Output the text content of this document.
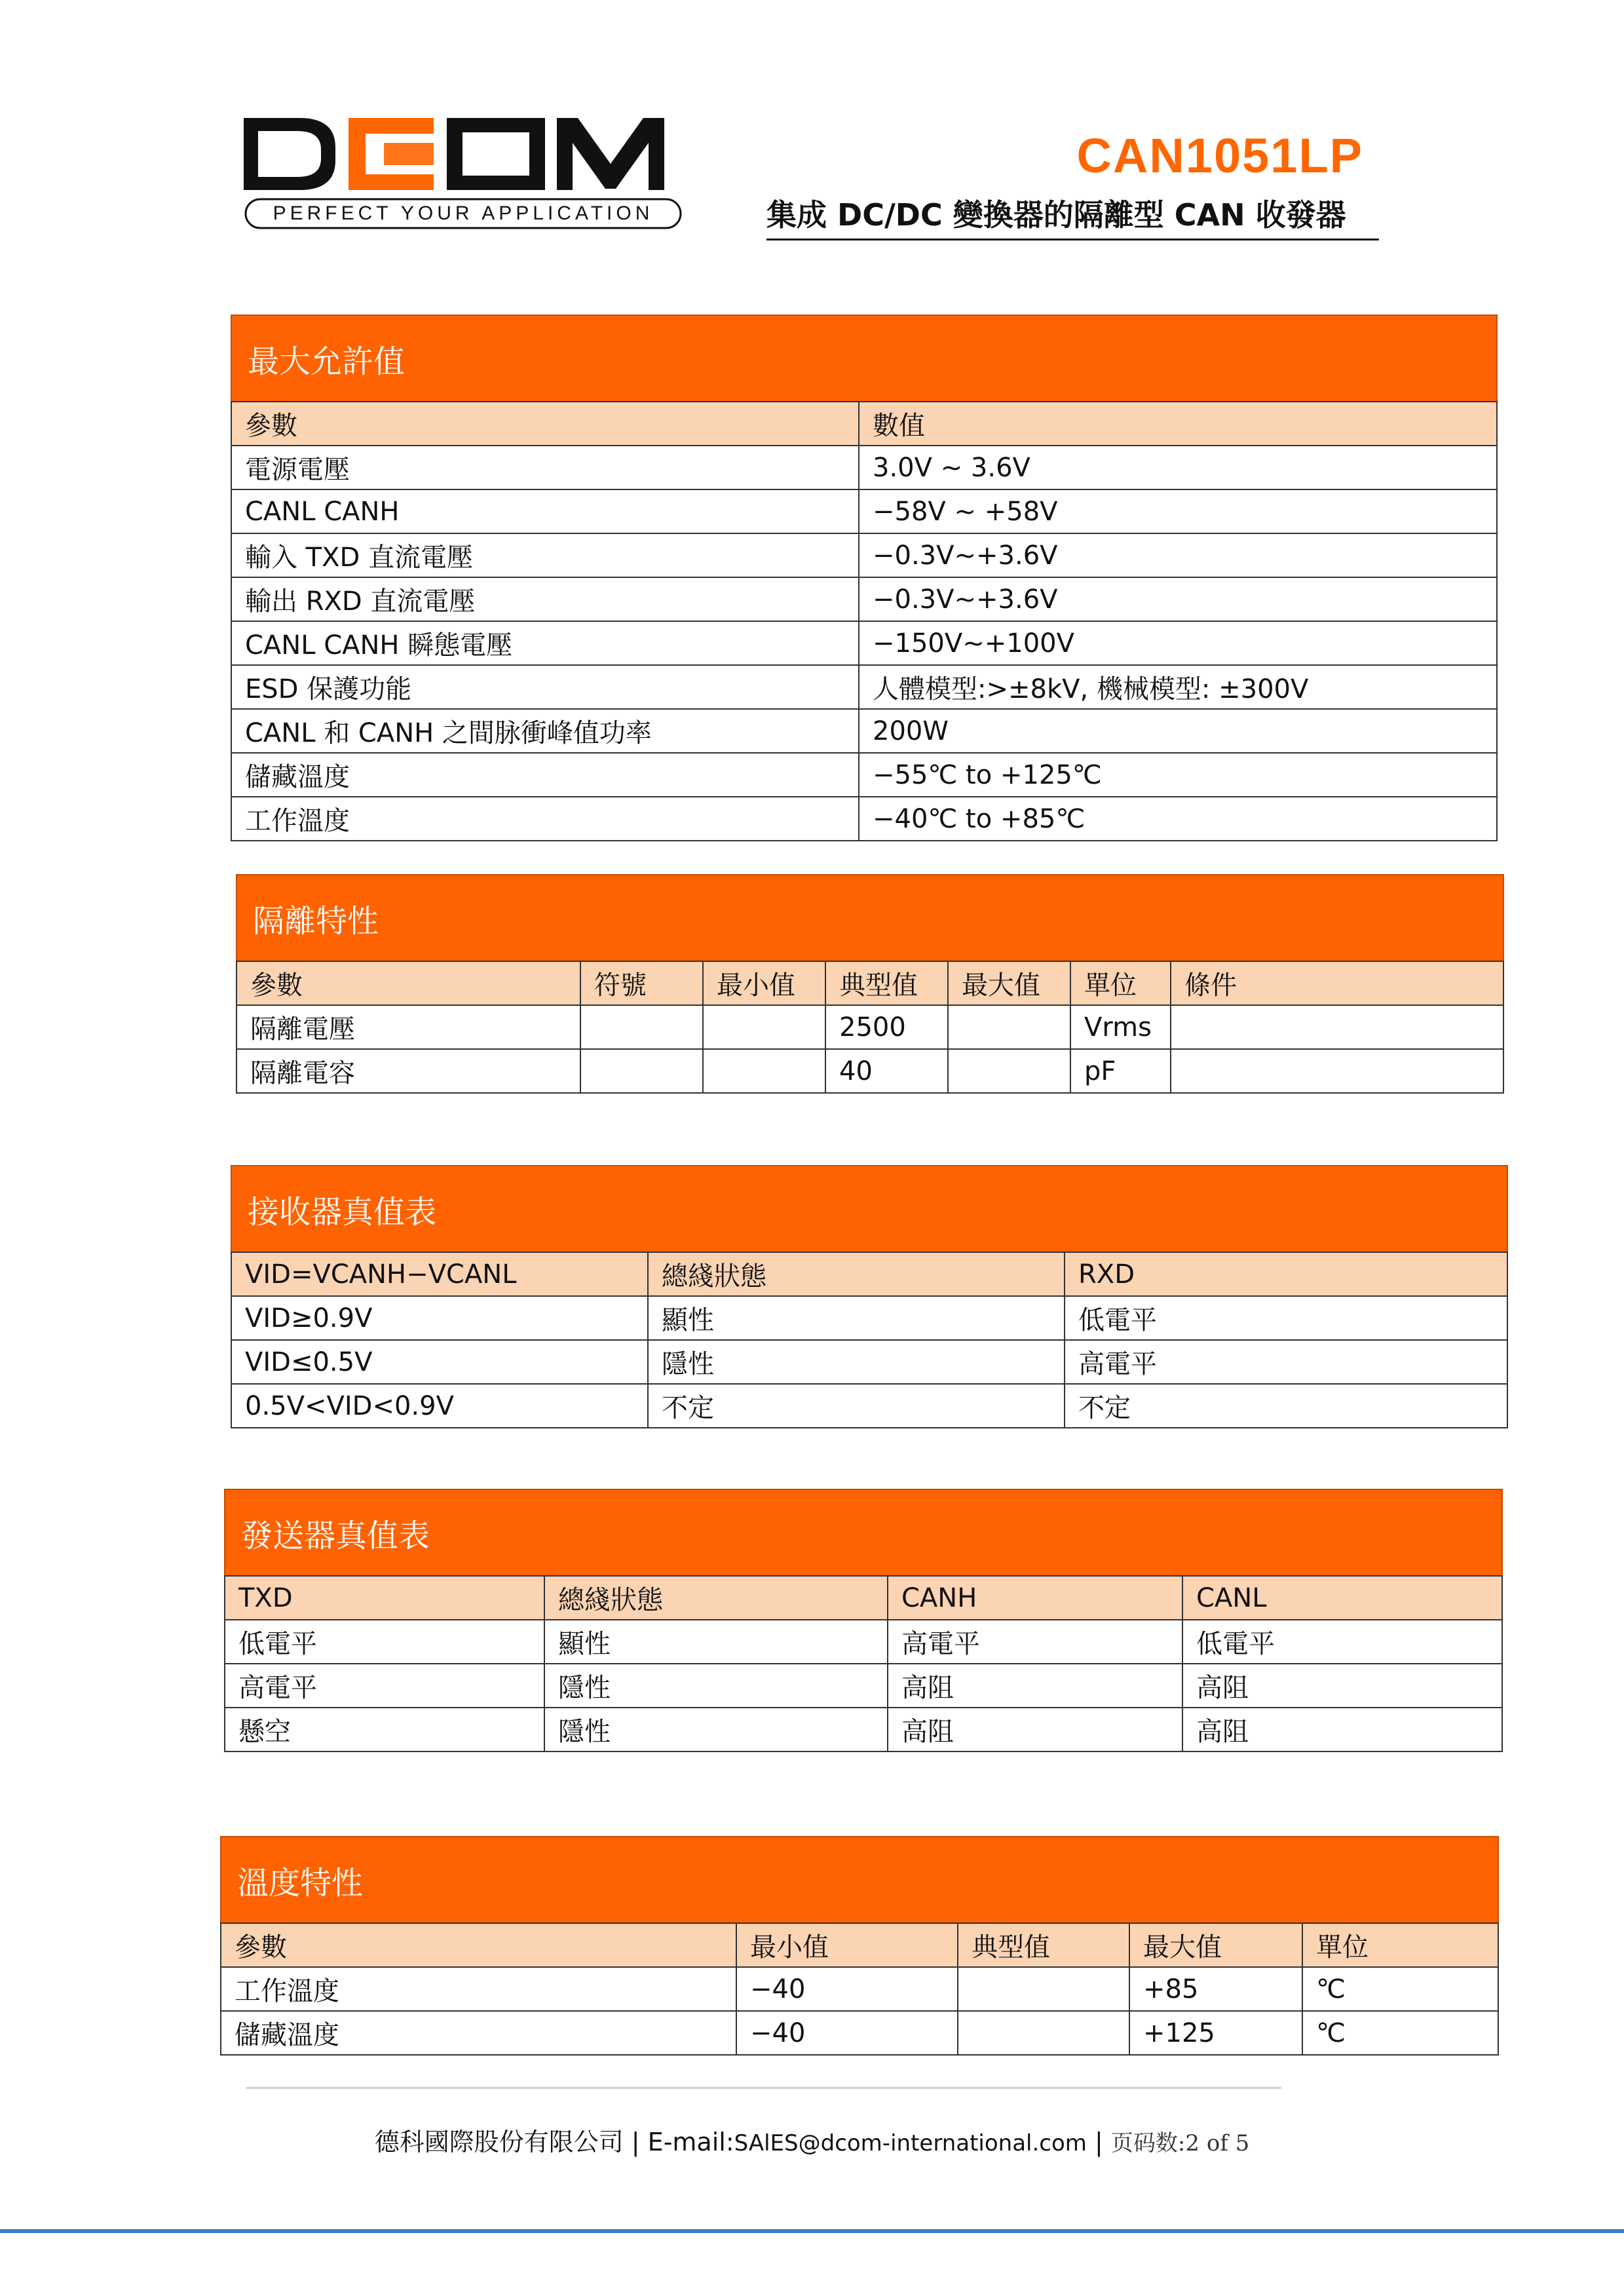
PERFECT YOUR APPLICATION
CAN1051LP
集成 DC/DC 變換器的隔離型 CAN 收發器
最大允許值
參數	數值
電源電壓	3.0V ~ 3.6V
CANL CANH	−58V ~ +58V
輸入 TXD 直流電壓	−0.3V~+3.6V
輸出 RXD 直流電壓	−0.3V~+3.6V
CANL CANH 瞬態電壓	−150V~+100V
ESD 保護功能	人體模型:>±8kV, 機械模型: ±300V
CANL 和 CANH 之間脉衝峰值功率	200W
儲藏溫度	−55℃ to +125℃
工作溫度	−40℃ to +85℃
隔離特性
參數	符號	最小值	典型值	最大值	單位	條件
隔離電壓			2500		Vrms	
隔離電容			40		pF	
接收器真值表
VID=VCANH−VCANL	總綫狀態	RXD
VID≥0.9V	顯性	低電平
VID≤0.5V	隱性	高電平
0.5V<VID<0.9V	不定	不定
發送器真值表
TXD	總綫狀態	CANH	CANL
低電平	顯性	高電平	低電平
高電平	隱性	高阻	高阻
懸空	隱性	高阻	高阻
溫度特性
參數	最小值	典型值	最大值	單位
工作溫度	−40		+85	℃
儲藏溫度	−40		+125	℃
德科國際股份有限公司 | E-mail:SAlES@dcom-international.com | 页码数:2 of 5
